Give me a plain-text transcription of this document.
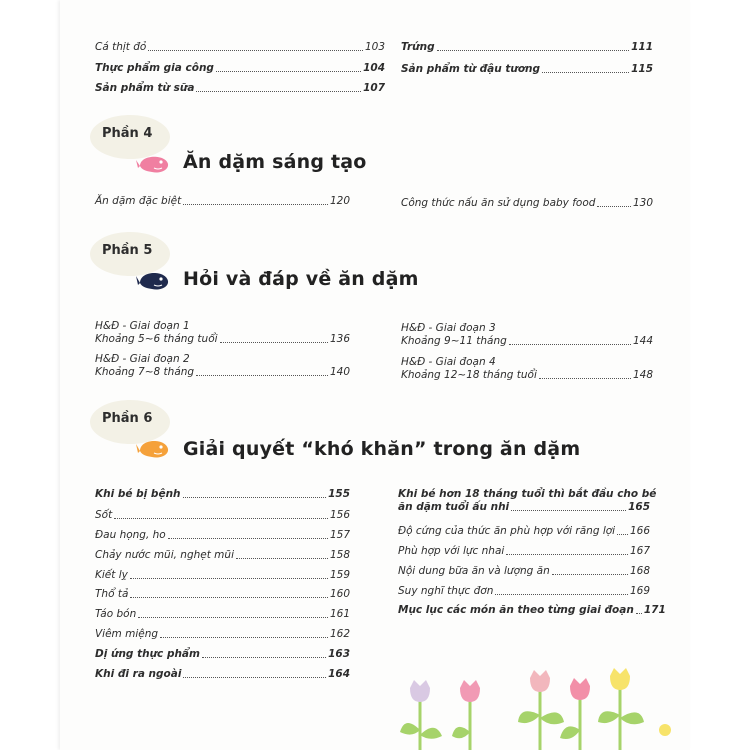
Cá thịt đỏ	103
Thực phẩm gia công	104
Sản phẩm từ sữa	107
Trứng	111
Sản phẩm từ đậu tương	115
Phần 4
Ăn dặm sáng tạo
Ăn dặm đặc biệt	120	Công thức nấu ăn sử dụng baby food	130
Phần 5
Hỏi và đáp về ăn dặm
H&Đ - Giai đoạn 1
Khoảng 5~6 tháng tuổi	136
H&Đ - Giai đoạn 2
Khoảng 7~8 tháng	140
H&Đ - Giai đoạn 3
Khoảng 9~11 tháng	144
H&Đ - Giai đoạn 4
Khoảng 12~18 tháng tuổi	148
Phần 6
Giải quyết “khó khăn” trong ăn dặm
Khi bé bị bệnh	155
Sốt	156
Đau họng, ho	157
Chảy nước mũi, nghẹt mũi	158
Kiết lỵ	159
Thổ tả	160
Táo bón	161
Viêm miệng	162
Dị ứng thực phẩm	163
Khi đi ra ngoài	164
Khi bé hơn 18 tháng tuổi thì bắt đầu cho bé
ăn dặm tuổi ấu nhi	165
Độ cứng của thức ăn phù hợp với răng lợi 166
Phù hợp với lực nhai	167
Nội dung bữa ăn và lượng ăn	168
Suy nghĩ thực đơn	169
Mục lục các món ăn theo từng giai đoạn 171
